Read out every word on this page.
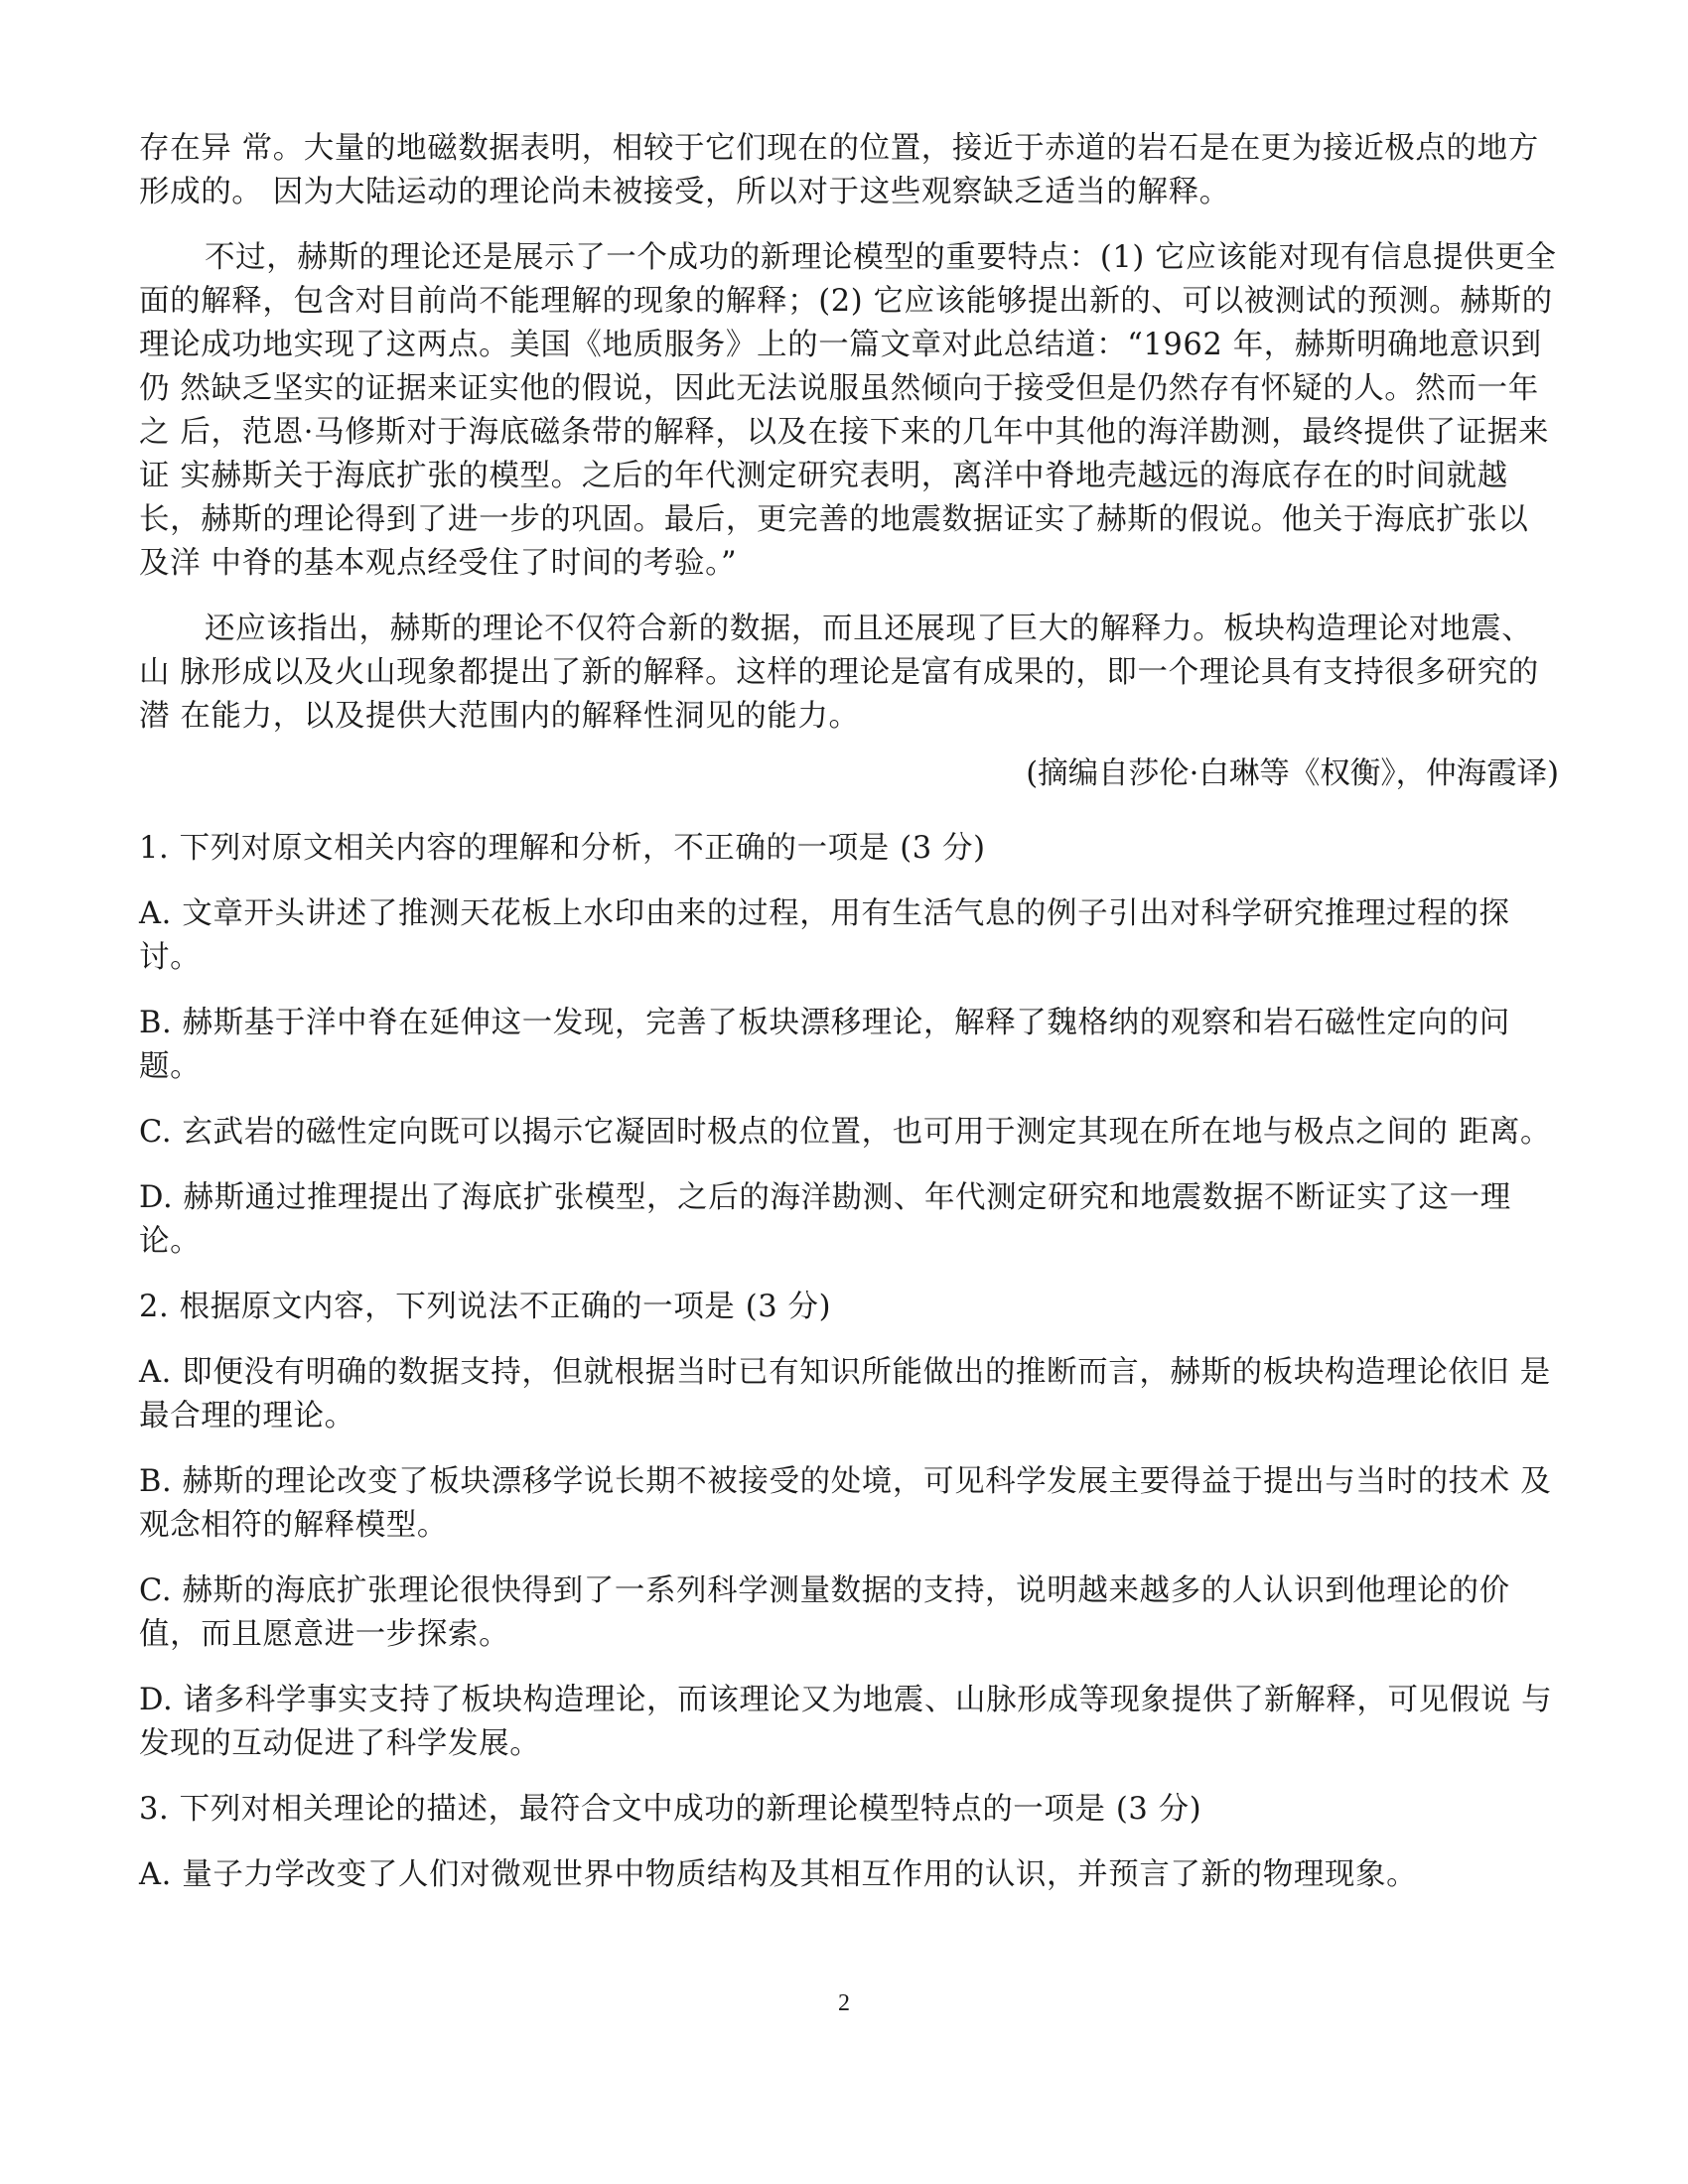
存在异 常。大量的地磁数据表明，相较于它们现在的位置，接近于赤道的岩石是在更为接近极点的地方形成的。 因为大陆运动的理论尚未被接受，所以对于这些观察缺乏适当的解释。

不过，赫斯的理论还是展示了一个成功的新理论模型的重要特点：(1) 它应该能对现有信息提供更全 面的解释，包含对目前尚不能理解的现象的解释；(2) 它应该能够提出新的、可以被测试的预测。赫斯的 理论成功地实现了这两点。美国《地质服务》上的一篇文章对此总结道：“1962 年，赫斯明确地意识到仍 然缺乏坚实的证据来证实他的假说，因此无法说服虽然倾向于接受但是仍然存有怀疑的人。然而一年之 后，范恩·马修斯对于海底磁条带的解释，以及在接下来的几年中其他的海洋勘测，最终提供了证据来证 实赫斯关于海底扩张的模型。之后的年代测定研究表明，离洋中脊地壳越远的海底存在的时间就越长，赫斯的理论得到了进一步的巩固。最后，更完善的地震数据证实了赫斯的假说。他关于海底扩张以及洋 中脊的基本观点经受住了时间的考验。”

还应该指出，赫斯的理论不仅符合新的数据，而且还展现了巨大的解释力。板块构造理论对地震、山 脉形成以及火山现象都提出了新的解释。这样的理论是富有成果的，即一个理论具有支持很多研究的潜 在能力，以及提供大范围内的解释性洞见的能力。

(摘编自莎伦·白琳等《权衡》，仲海霞译)

1. 下列对原文相关内容的理解和分析，不正确的一项是 (3 分)

A. 文章开头讲述了推测天花板上水印由来的过程，用有生活气息的例子引出对科学研究推理过程的探讨。

B. 赫斯基于洋中脊在延伸这一发现，完善了板块漂移理论，解释了魏格纳的观察和岩石磁性定向的问题。

C. 玄武岩的磁性定向既可以揭示它凝固时极点的位置，也可用于测定其现在所在地与极点之间的 距离。

D. 赫斯通过推理提出了海底扩张模型，之后的海洋勘测、年代测定研究和地震数据不断证实了这一理论。

2. 根据原文内容，下列说法不正确的一项是 (3 分)

A. 即便没有明确的数据支持，但就根据当时已有知识所能做出的推断而言，赫斯的板块构造理论依旧 是最合理的理论。

B. 赫斯的理论改变了板块漂移学说长期不被接受的处境，可见科学发展主要得益于提出与当时的技术 及观念相符的解释模型。

C. 赫斯的海底扩张理论很快得到了一系列科学测量数据的支持，说明越来越多的人认识到他理论的价 值，而且愿意进一步探索。

D. 诸多科学事实支持了板块构造理论，而该理论又为地震、山脉形成等现象提供了新解释，可见假说 与发现的互动促进了科学发展。

3. 下列对相关理论的描述，最符合文中成功的新理论模型特点的一项是 (3 分)

A. 量子力学改变了人们对微观世界中物质结构及其相互作用的认识，并预言了新的物理现象。

2
